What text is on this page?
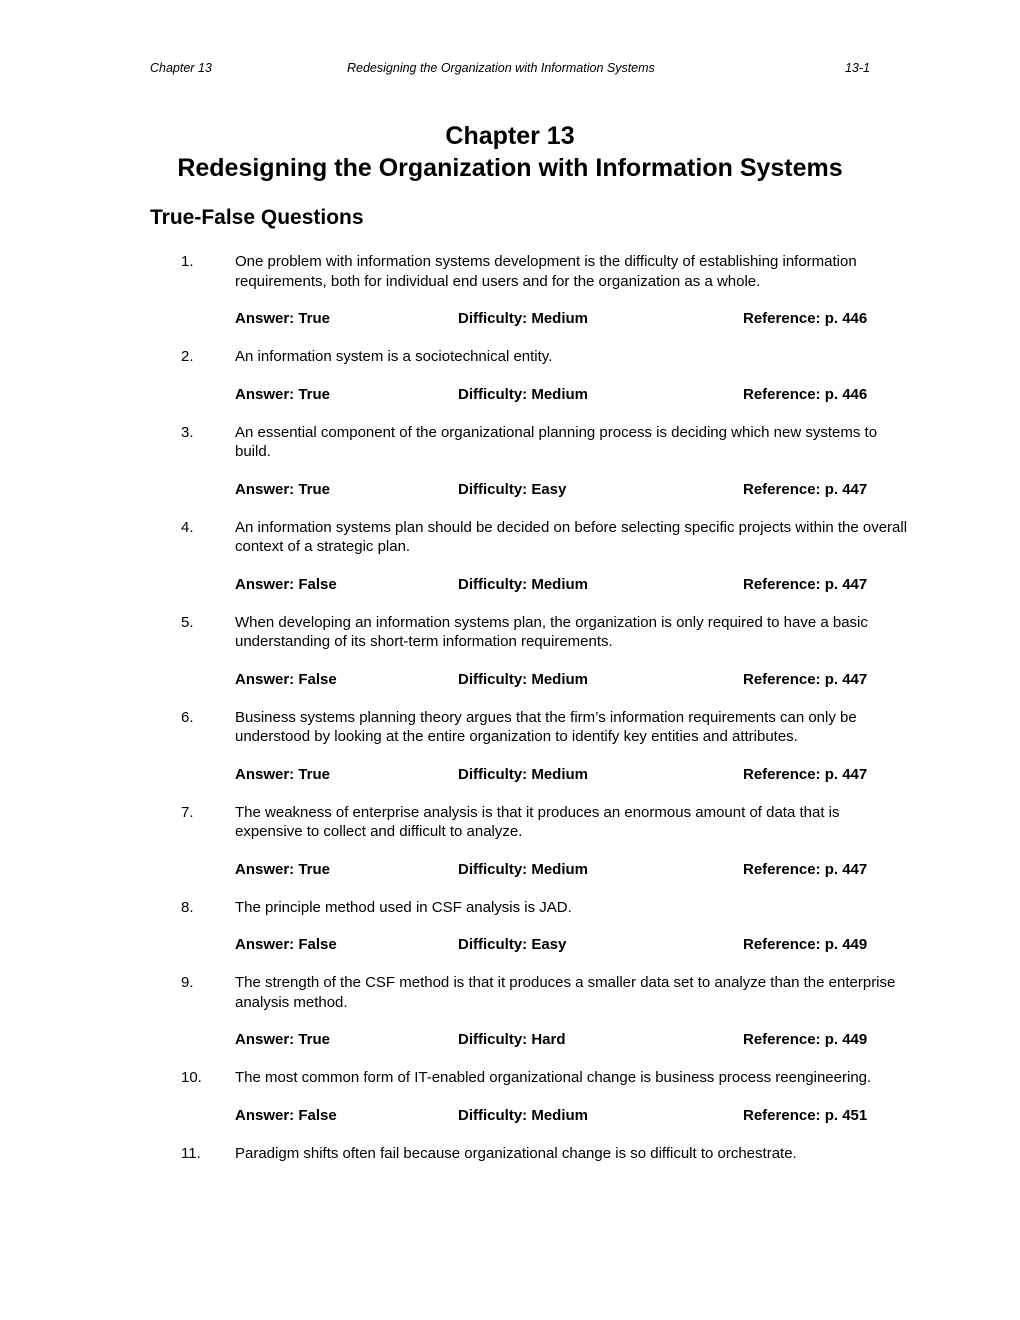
Chapter 13	Redesigning the Organization with Information Systems	13-1
Chapter 13
Redesigning the Organization with Information Systems
True-False Questions
1.	One problem with information systems development is the difficulty of establishing information requirements, both for individual end users and for the organization as a whole.
Answer: True	Difficulty: Medium	Reference: p. 446
2.	An information system is a sociotechnical entity.
Answer: True	Difficulty: Medium	Reference: p. 446
3.	An essential component of the organizational planning process is deciding which new systems to build.
Answer: True	Difficulty: Easy	Reference: p. 447
4.	An information systems plan should be decided on before selecting specific projects within the overall context of a strategic plan.
Answer: False	Difficulty: Medium	Reference: p. 447
5.	When developing an information systems plan, the organization is only required to have a basic understanding of its short-term information requirements.
Answer: False	Difficulty: Medium	Reference: p. 447
6.	Business systems planning theory argues that the firm’s information requirements can only be understood by looking at the entire organization to identify key entities and attributes.
Answer: True	Difficulty: Medium	Reference: p. 447
7.	The weakness of enterprise analysis is that it produces an enormous amount of data that is expensive to collect and difficult to analyze.
Answer: True	Difficulty: Medium	Reference: p. 447
8.	The principle method used in CSF analysis is JAD.
Answer: False	Difficulty: Easy	Reference: p. 449
9.	The strength of the CSF method is that it produces a smaller data set to analyze than the enterprise analysis method.
Answer: True	Difficulty: Hard	Reference: p. 449
10. The most common form of IT-enabled organizational change is business process reengineering.
Answer: False	Difficulty: Medium	Reference: p. 451
11. Paradigm shifts often fail because organizational change is so difficult to orchestrate.
